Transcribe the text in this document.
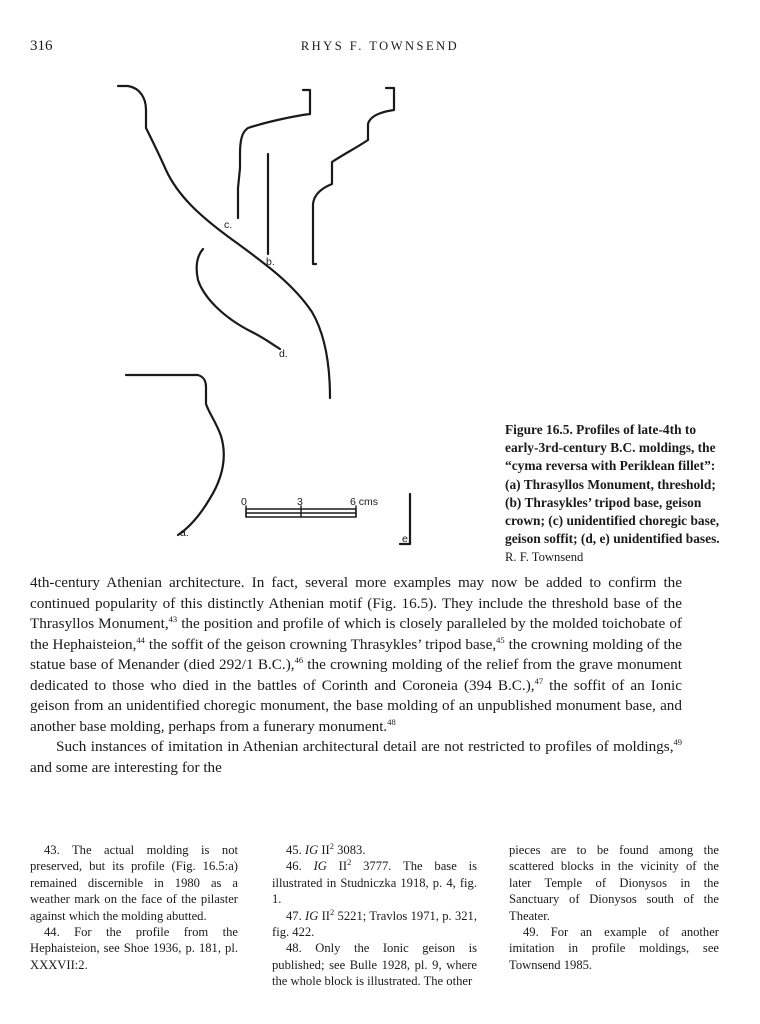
316	RHYS F. TOWNSEND
a.
b.
c.
d.
e.
0	3	6 cms
Figure 16.5. Profiles of late-4th to early-3rd-century B.C. moldings, the “cyma reversa with Periklean fillet”: (a) Thrasyllos Monument, threshold; (b) Thrasykles’ tripod base, geison crown; (c) unidentified choregic base, geison soffit; (d, e) unidentified bases.
R. F. Townsend

4th-century Athenian architecture. In fact, several more examples may now be added to confirm the continued popularity of this distinctly Athenian motif (Fig. 16.5). They include the threshold base of the Thrasyllos Monument,$^{43}$ the position and profile of which is closely paralleled by the molded toichobate of the Hephaisteion,$^{44}$ the soffit of the geison crowning Thrasykles’ tripod base,$^{45}$ the crowning molding of the statue base of Menander (died 292/1 B.C.),$^{46}$ the crowning molding of the relief from the grave monument dedicated to those who died in the battles of Corinth and Coroneia (394 B.C.),$^{47}$ the soffit of an Ionic geison from an unidentified choregic monument, the base molding of an unpublished monument base, and another base molding, perhaps from a funerary monument.$^{48}$

Such instances of imitation in Athenian architectural detail are not restricted to profiles of moldings,$^{49}$ and some are interesting for the

43. The actual molding is not preserved, but its profile (Fig. 16.5:a) remained discernible in 1980 as a weather mark on the face of the pilaster against which the molding abutted.

44. For the profile from the Hephaisteion, see Shoe 1936, p. 181, pl. XXXVII:2.

45. IG $II^2$ 3083.

46. IG $II^2$ 3777. The base is illustrated in Studniczka 1918, p. 4, fig. 1.

47. IG $II^2$ 5221; Travlos 1971, p. 321, fig. 422.

48. Only the Ionic geison is published; see Bulle 1928, pl. 9, where the whole block is illustrated. The other

pieces are to be found among the scattered blocks in the vicinity of the later Temple of Dionysos in the Sanctuary of Dionysos south of the Theater.

49. For an example of another imitation in profile moldings, see Townsend 1985.
